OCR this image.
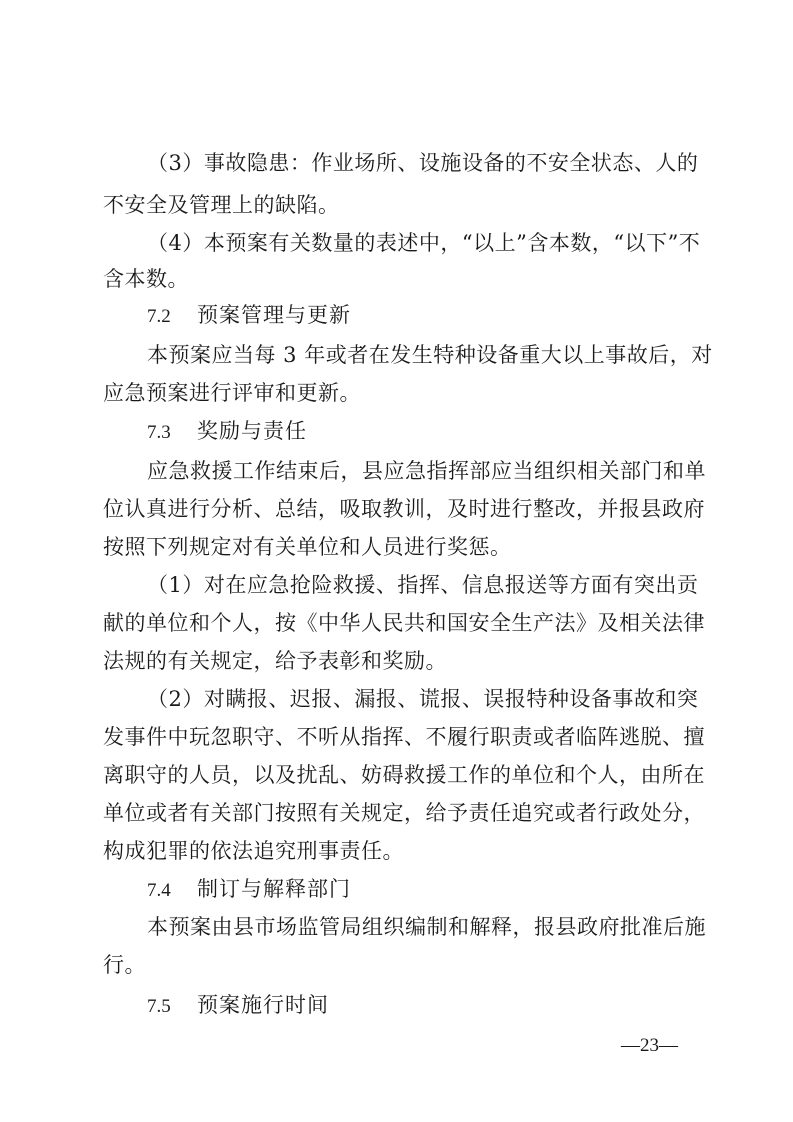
（3）事故隐患：作业场所、设施设备的不安全状态、人的
不安全及管理上的缺陷。
（4）本预案有关数量的表述中，“以上”含本数，“以下”不
含本数。
7.2 预案管理与更新
本预案应当每 3 年或者在发生特种设备重大以上事故后，对
应急预案进行评审和更新。
7.3 奖励与责任
应急救援工作结束后，县应急指挥部应当组织相关部门和单
位认真进行分析、总结，吸取教训，及时进行整改，并报县政府
按照下列规定对有关单位和人员进行奖惩。
（1）对在应急抢险救援、指挥、信息报送等方面有突出贡
献的单位和个人，按《中华人民共和国安全生产法》及相关法律
法规的有关规定，给予表彰和奖励。
（2）对瞒报、迟报、漏报、谎报、误报特种设备事故和突
发事件中玩忽职守、不听从指挥、不履行职责或者临阵逃脱、擅
离职守的人员，以及扰乱、妨碍救援工作的单位和个人，由所在
单位或者有关部门按照有关规定，给予责任追究或者行政处分，
构成犯罪的依法追究刑事责任。
7.4 制订与解释部门
本预案由县市场监管局组织编制和解释，报县政府批准后施
行。
7.5 预案施行时间
—23—
